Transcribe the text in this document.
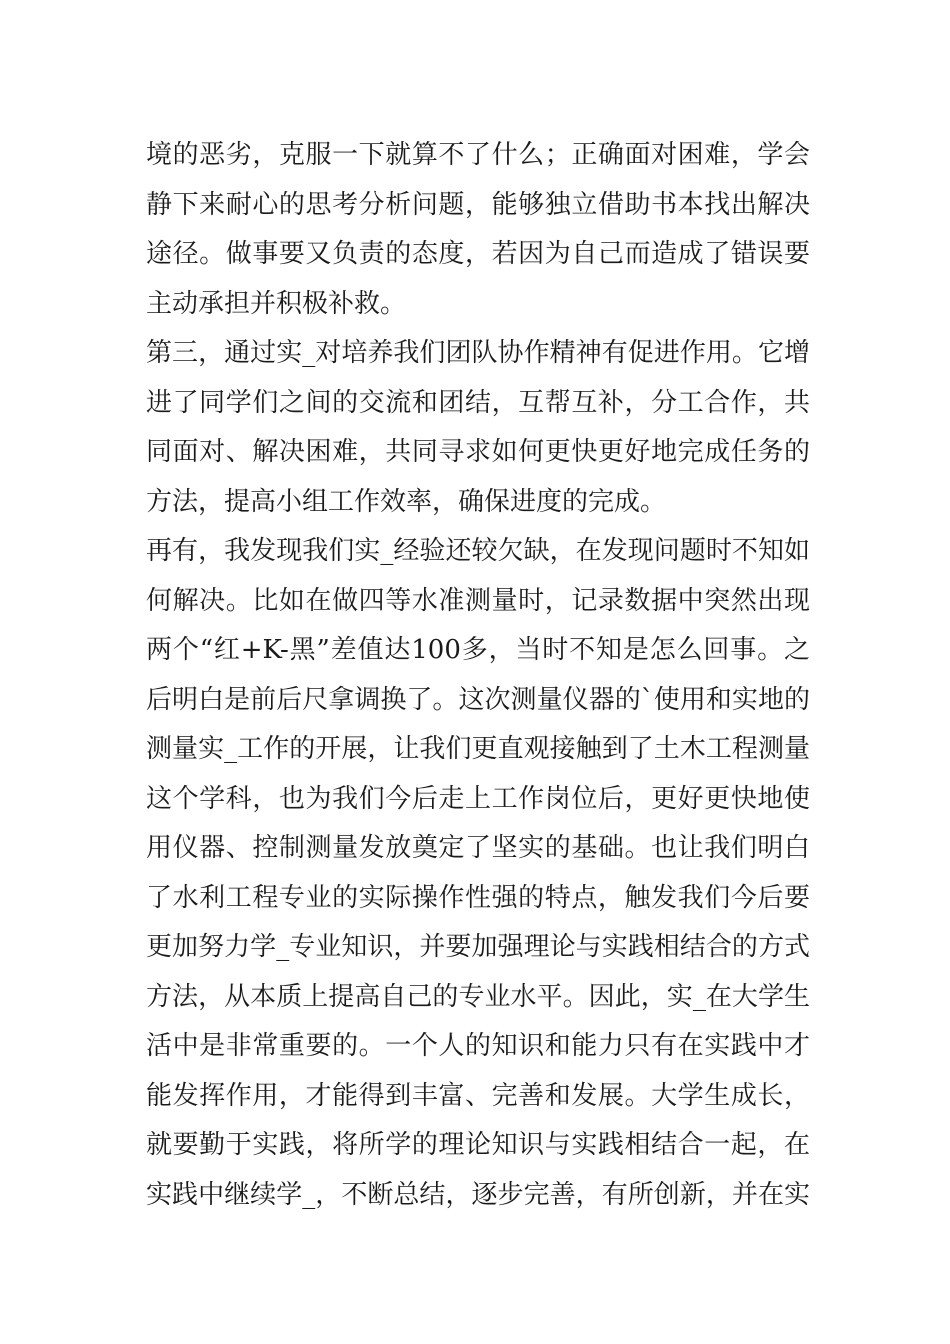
境的恶劣，克服一下就算不了什么；正确面对困难，学会
静下来耐心的思考分析问题，能够独立借助书本找出解决
途径。做事要又负责的态度，若因为自己而造成了错误要
主动承担并积极补救。
第三，通过实_对培养我们团队协作精神有促进作用。它增
进了同学们之间的交流和团结，互帮互补，分工合作，共
同面对、解决困难，共同寻求如何更快更好地完成任务的
方法，提高小组工作效率，确保进度的完成。
再有，我发现我们实_经验还较欠缺，在发现问题时不知如
何解决。比如在做四等水准测量时，记录数据中突然出现
两个“红+K-黑”差值达100多，当时不知是怎么回事。之
后明白是前后尺拿调换了。这次测量仪器的`使用和实地的
测量实_工作的开展，让我们更直观接触到了土木工程测量
这个学科，也为我们今后走上工作岗位后，更好更快地使
用仪器、控制测量发放奠定了坚实的基础。也让我们明白
了水利工程专业的实际操作性强的特点，触发我们今后要
更加努力学_专业知识，并要加强理论与实践相结合的方式
方法，从本质上提高自己的专业水平。因此，实_在大学生
活中是非常重要的。一个人的知识和能力只有在实践中才
能发挥作用，才能得到丰富、完善和发展。大学生成长，
就要勤于实践，将所学的理论知识与实践相结合一起，在
实践中继续学_，不断总结，逐步完善，有所创新，并在实
